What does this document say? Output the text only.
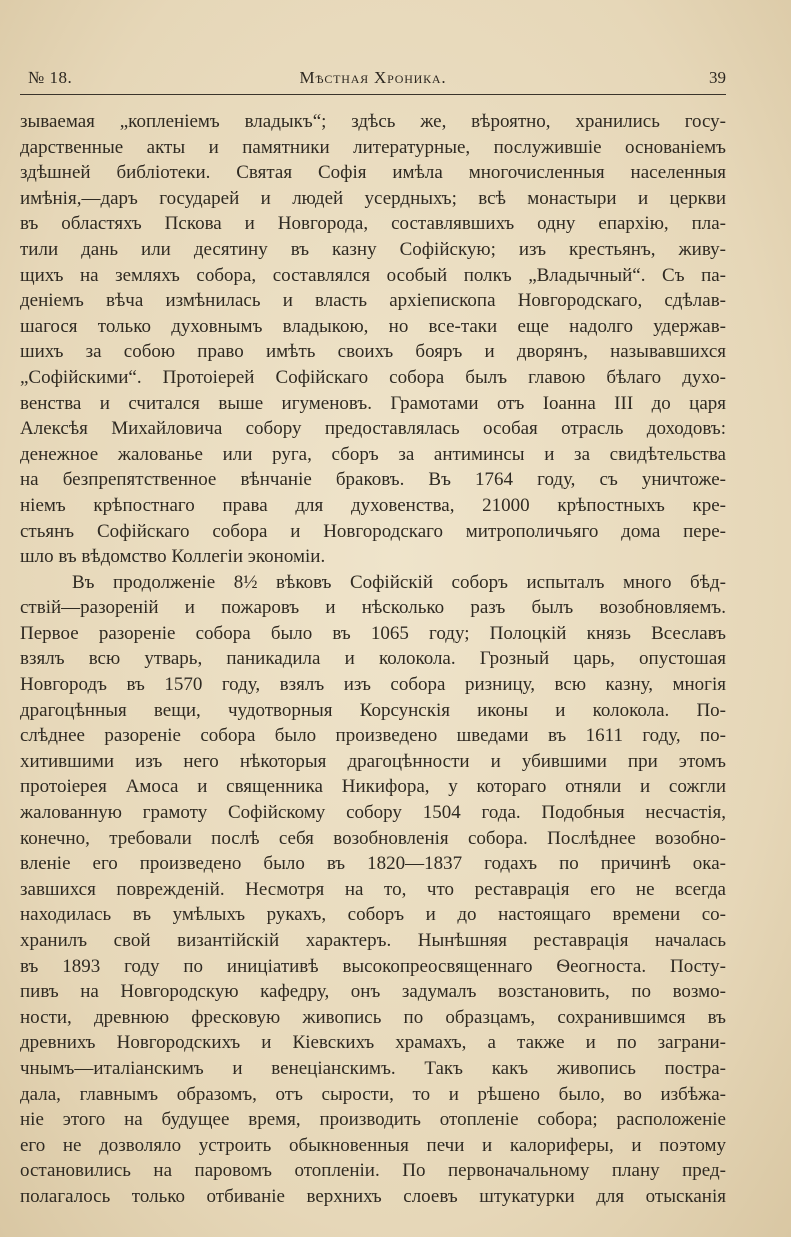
№ 18.	Мѣстная Хроника.	39
зываемая „копленіемъ владыкъ“; здѣсь же, вѣроятно, хранились госу-
дарственные акты и памятники литературные, послужившіе основаніемъ
здѣшней библіотеки. Святая Софія имѣла многочисленныя населенныя
имѣнія,—даръ государей и людей усердныхъ; всѣ монастыри и церкви
въ областяхъ Пскова и Новгорода, составлявшихъ одну епархію, пла-
тили дань или десятину въ казну Софійскую; изъ крестьянъ, живу-
щихъ на земляхъ собора, составлялся особый полкъ „Владычный“. Съ па-
деніемъ вѣча измѣнилась и власть архіепископа Новгородскаго, сдѣлав-
шагося только духовнымъ владыкою, но все-таки еще надолго удержав-
шихъ за собою право имѣть своихъ бояръ и дворянъ, называвшихся
„Софійскими“. Протоіерей Софійскаго собора былъ главою бѣлаго духо-
венства и считался выше игуменовъ. Грамотами отъ Іоанна III до царя
Алексѣя Михайловича собору предоставлялась особая отрасль доходовъ:
денежное жалованье или руга, сборъ за антиминсы и за свидѣтельства
на безпрепятственное вѣнчаніе браковъ. Въ 1764 году, съ уничтоже-
ніемъ крѣпостнаго права для духовенства, 21000 крѣпостныхъ кре-
стьянъ Софійскаго собора и Новгородскаго митрополичьяго дома пере-
шло въ вѣдомство Коллегіи экономіи.
Въ продолженіе 8½ вѣковъ Софійскій соборъ испыталъ много бѣд-
ствій—разореній и пожаровъ и нѣсколько разъ былъ возобновляемъ.
Первое разореніе собора было въ 1065 году; Полоцкій князь Всеславъ
взялъ всю утварь, паникадила и колокола. Грозный царь, опустошая
Новгородъ въ 1570 году, взялъ изъ собора ризницу, всю казну, многія
драгоцѣнныя вещи, чудотворныя Корсунскія иконы и колокола. По-
слѣднее разореніе собора было произведено шведами въ 1611 году, по-
хитившими изъ него нѣкоторыя драгоцѣнности и убившими при этомъ
протоіерея Амоса и священника Никифора, у котораго отняли и сожгли
жалованную грамоту Софійскому собору 1504 года. Подобныя несчастія,
конечно, требовали послѣ себя возобновленія собора. Послѣднее возобно-
вленіе его произведено было въ 1820—1837 годахъ по причинѣ ока-
завшихся поврежденій. Несмотря на то, что реставрація его не всегда
находилась въ умѣлыхъ рукахъ, соборъ и до настоящаго времени со-
хранилъ свой византійскій характеръ. Нынѣшняя реставрація началась
въ 1893 году по иниціативѣ высокопреосвященнаго Ѳеогноста. Посту-
пивъ на Новгородскую кафедру, онъ задумалъ возстановить, по возмо-
ности, древнюю фресковую живопись по образцамъ, сохранившимся въ
древнихъ Новгородскихъ и Кіевскихъ храмахъ, а также и по заграни-
чнымъ—италіанскимъ и венеціанскимъ. Такъ какъ живопись пострa-
дала, главнымъ образомъ, отъ сырости, то и рѣшено было, во избѣжа-
ніе этого на будущее время, производить отопленіе собора; расположеніе
его не дозволяло устроить обыкновенныя печи и калориферы, и поэтому
остановились на паровомъ отопленіи. По первоначальному плану пред-
полагалось только отбиваніе верхнихъ слоевъ штукатурки для отысканія
